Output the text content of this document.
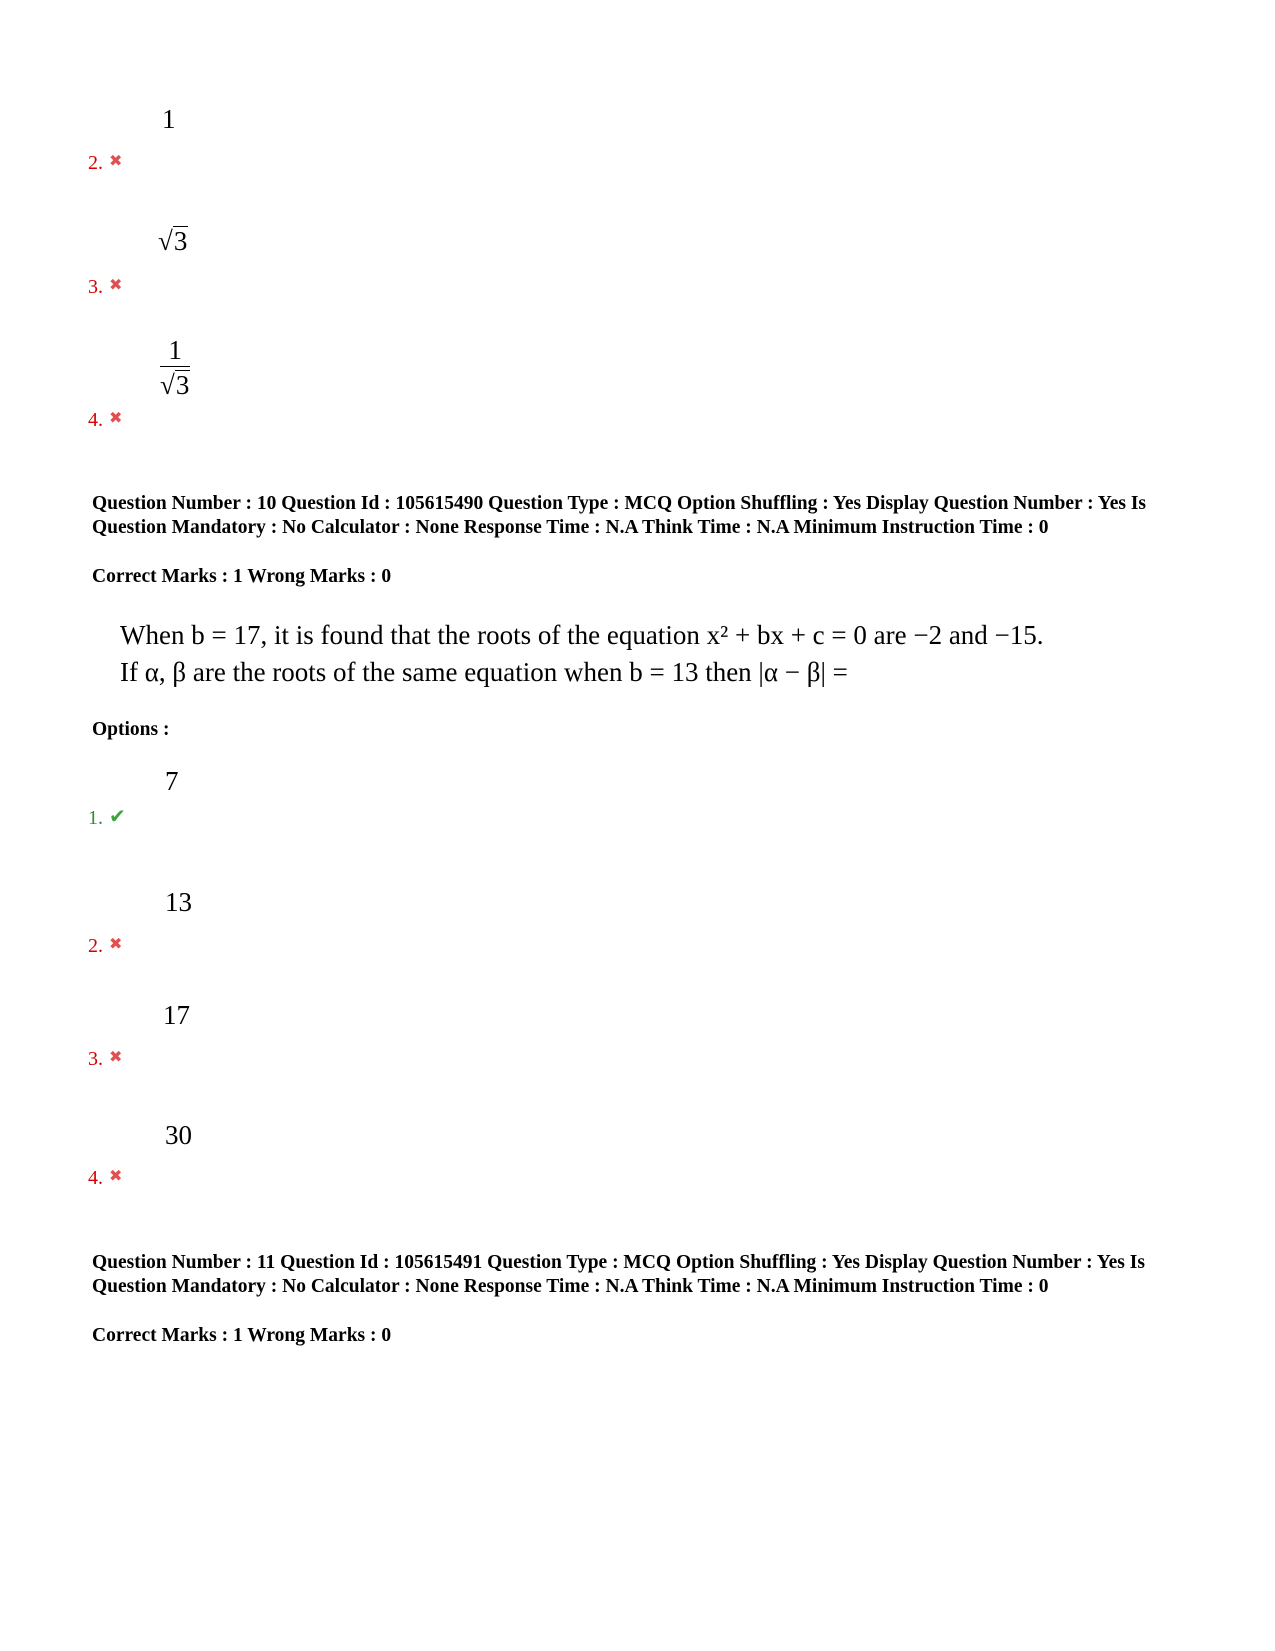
1
2. ✖
√3
3. ✖
$\frac{1}{√3}$
4. ✖
Question Number : 10 Question Id : 105615490 Question Type : MCQ Option Shuffling : Yes Display Question Number : Yes Is Question Mandatory : No Calculator : None Response Time : N.A Think Time : N.A Minimum Instruction Time : 0
Correct Marks : 1 Wrong Marks : 0
When b = 17, it is found that the roots of the equation x² + bx + c = 0 are −2 and −15.
If α, β are the roots of the same equation when b = 13 then |α − β| =
Options :
7
1. ✔
13
2. ✖
17
3. ✖
30
4. ✖
Question Number : 11 Question Id : 105615491 Question Type : MCQ Option Shuffling : Yes Display Question Number : Yes Is Question Mandatory : No Calculator : None Response Time : N.A Think Time : N.A Minimum Instruction Time : 0
Correct Marks : 1 Wrong Marks : 0
